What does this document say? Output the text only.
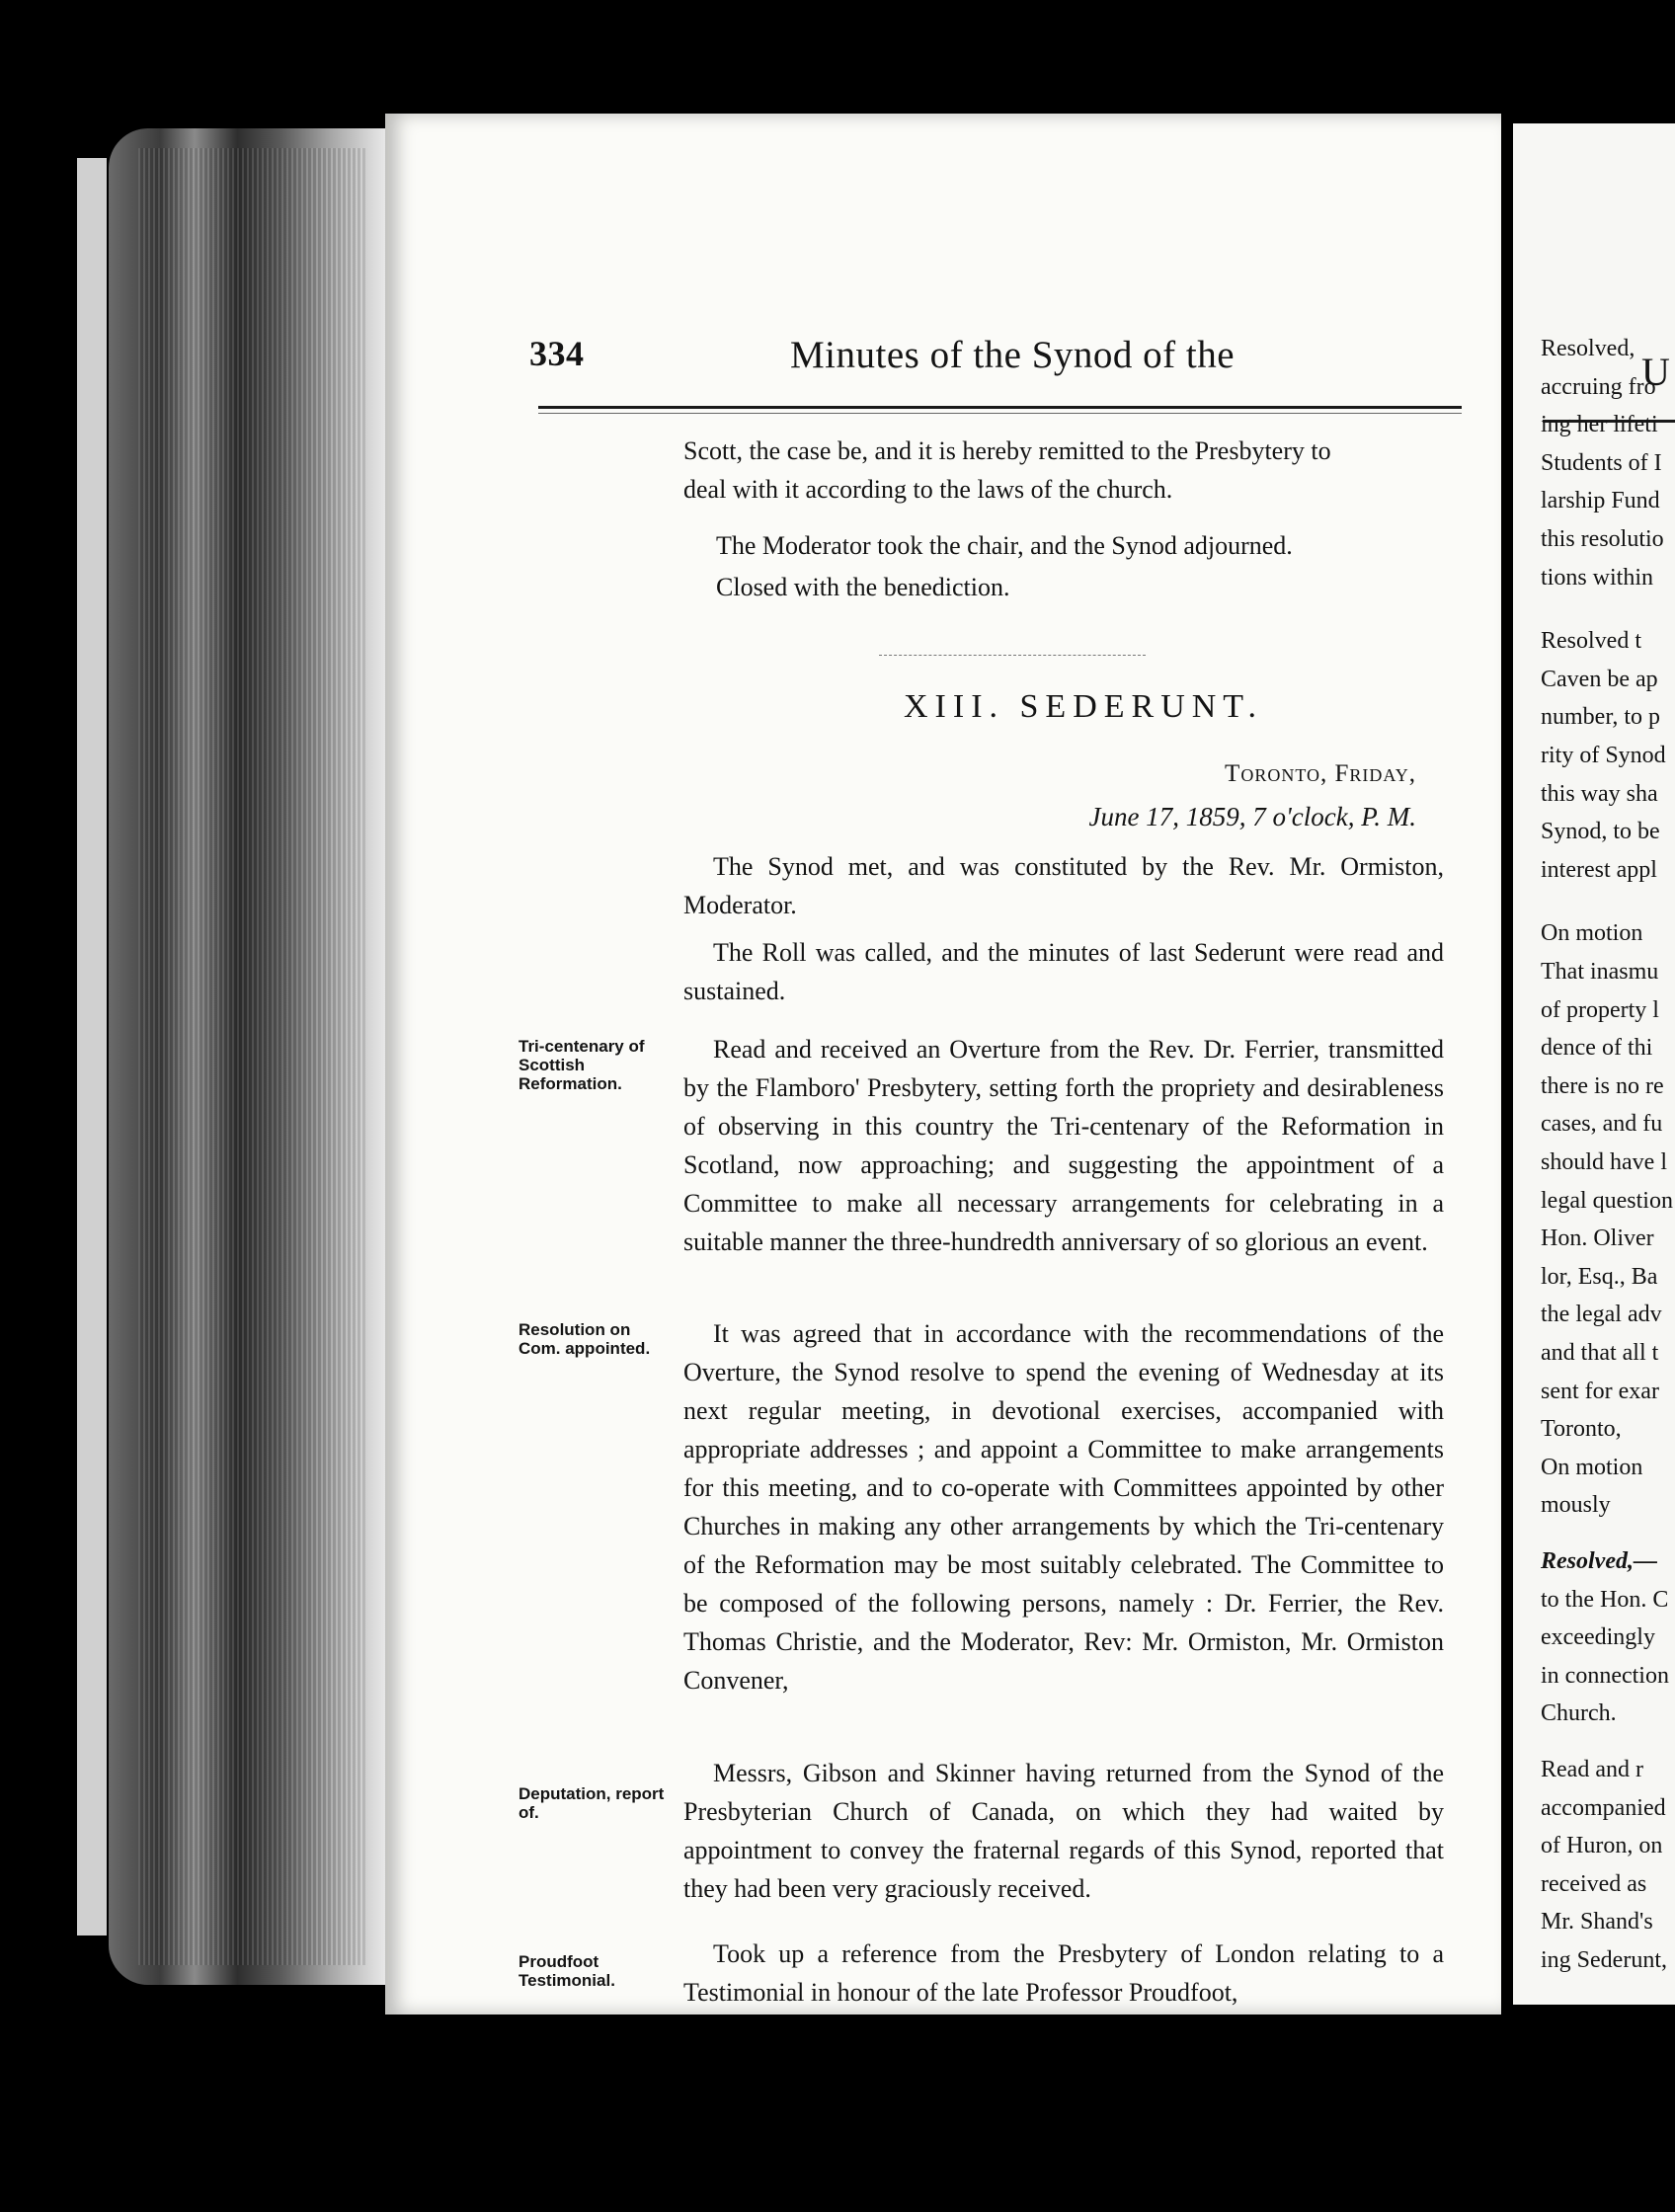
334	Minutes of the Synod of the

Scott, the case be, and it is hereby remitted to the Presbytery to

deal with it according to the laws of the church.

The Moderator took the chair, and the Synod adjourned.

Closed with the benediction.

XIII. SEDERUNT.
Toronto, Friday,
June 17, 1859, 7 o'clock, P. M.

The Synod met, and was constituted by the Rev. Mr. Ormiston, Moderator.

The Roll was called, and the minutes of last Sederunt were read and sustained.

Tri-centenary of Scottish Reformation.

Read and received an Overture from the Rev. Dr. Ferrier, transmitted by the Flamboro' Presbytery, setting forth the propriety and desirableness of observing in this country the Tri-centenary of the Reformation in Scotland, now approaching; and suggesting the appointment of a Committee to make all necessary arrangements for celebrating in a suitable manner the three-hundredth anniversary of so glorious an event.

Resolution on Com. appointed.

It was agreed that in accordance with the recommendations of the Overture, the Synod resolve to spend the evening of Wednesday at its next regular meeting, in devotional exercises, accompanied with appropriate addresses ; and appoint a Committee to make arrangements for this meeting, and to co-operate with Committees appointed by other Churches in making any other arrangements by which the Tri-centenary of the Reformation may be most suitably celebrated. The Committee to be composed of the following persons, namely : Dr. Ferrier, the Rev. Thomas Christie, and the Moderator, Rev: Mr. Ormiston, Mr. Ormiston Convener,

Deputation, report of.

Messrs, Gibson and Skinner having returned from the Synod of the Presbyterian Church of Canada, on which they had waited by appointment to convey the fraternal regards of this Synod, reported that they had been very graciously received.

Proudfoot Testimonial.

Took up a reference from the Presbytery of London relating to a Testimonial in honour of the late Professor Proudfoot,

U
Resolved,
accruing fro
ing her lifeti
Students of I
larship Fund
this resolutio
tions within
Resolved t
Caven be ap
number, to p
rity of Synod
this way sha
Synod, to be
interest appl
On motion
That inasmu
of property l
dence of thi
there is no re
cases, and fu
should have l
legal question
Hon. Oliver
lor, Esq., Ba
the legal adv
and that all t
sent for exar
Toronto,
On motion
mously
Resolved,—
to the Hon. C
exceedingly
in connection
Church.
Read and r
accompanied
of Huron, on
received as
Mr. Shand's
ing Sederunt,
